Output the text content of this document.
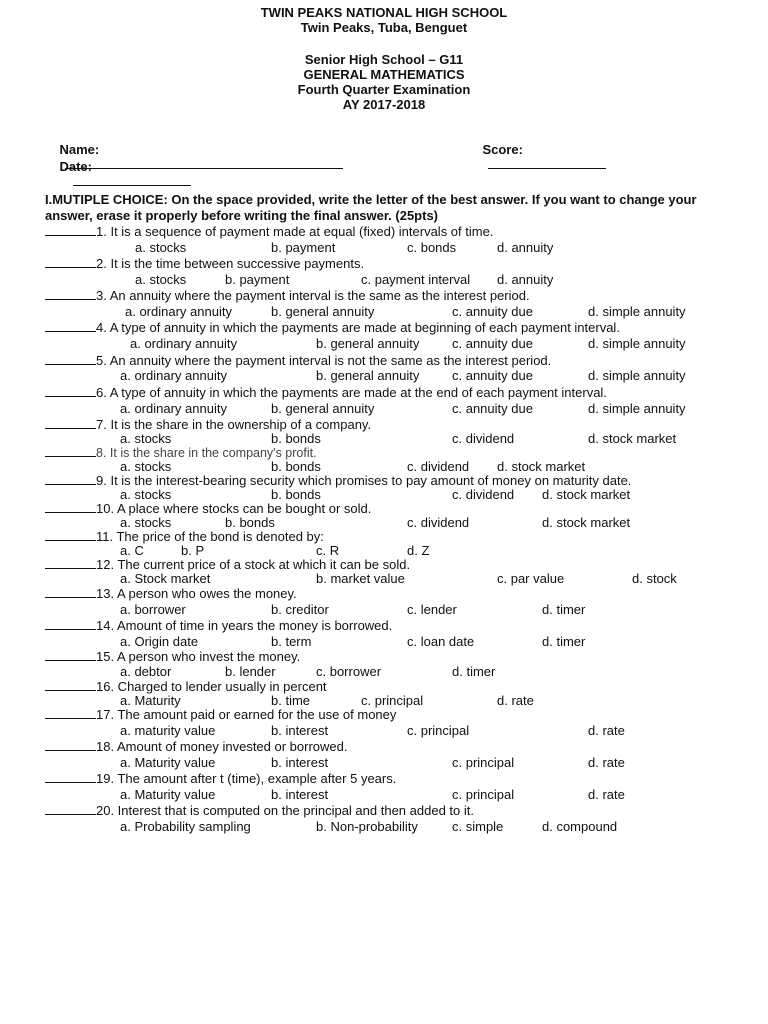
TWIN PEAKS NATIONAL HIGH SCHOOL
Twin Peaks, Tuba, Benguet
Senior High School – G11
GENERAL MATHEMATICS
Fourth Quarter Examination
AY 2017-2018

Name:

	Score:

Date:

I.MUTIPLE CHOICE: On the space provided, write the letter of the best answer. If you want to change your answer, erase it properly before writing the final answer. (25pts)
1. It is a sequence of payment made at equal (fixed) intervals of time.
a. stocks	b. payment	c. bonds	d. annuity
2. It is the time between successive payments.
a. stocks	b. payment	c. payment interval d. annuity
3. An annuity where the payment interval is the same as the interest period.
a. ordinary annuity	b. general annuity	c. annuity due	d. simple annuity
4. A type of annuity in which the payments are made at beginning of each payment interval.
a. ordinary annuity	b. general annuity	c. annuity due	d. simple annuity
5. An annuity where the payment interval is not the same as the interest period.
a. ordinary annuity	b. general annuity	c. annuity due	d. simple annuity
6. A type of annuity in which the payments are made at the end of each payment interval.
a. ordinary annuity	b. general annuity	c. annuity due	d. simple annuity
7. It is the share in the ownership of a company.
a. stocks	b. bonds	c. dividend	d. stock market
8. It is the share in the company's profit.
a. stocks	b. bonds	c. dividend d. stock market
9. It is the interest-bearing security which promises to pay amount of money on maturity date.
a. stocks	b. bonds	c. dividend d. stock market
10. A place where stocks can be bought or sold.
a. stocks	b. bonds	c. dividend	d. stock market
11. The price of the bond is denoted by:
a. C	b. P	c. R	d. Z
12. The current price of a stock at which it can be sold.
a. Stock market	b. market value	c. par value	d. stock
13. A person who owes the money.
a. borrower	b. creditor	c. lender	d. timer
14. Amount of time in years the money is borrowed.
a. Origin date	b. term	c. loan date	d. timer
15. A person who invest the money.
a. debtor	b. lender	c. borrower	d. timer
16. Charged to lender usually in percent
a. Maturity	b. time	c. principal	d. rate
17. The amount paid or earned for the use of money
a. maturity value	b. interest	c. principal	d. rate
18. Amount of money invested or borrowed.
a. Maturity value	b. interest	c. principal	d. rate
19. The amount after t (time), example after 5 years.
a. Maturity value	b. interest	c. principal	d. rate
20. Interest that is computed on the principal and then added to it.
a. Probability sampling	b. Non-probability	c. simple	d. compound
